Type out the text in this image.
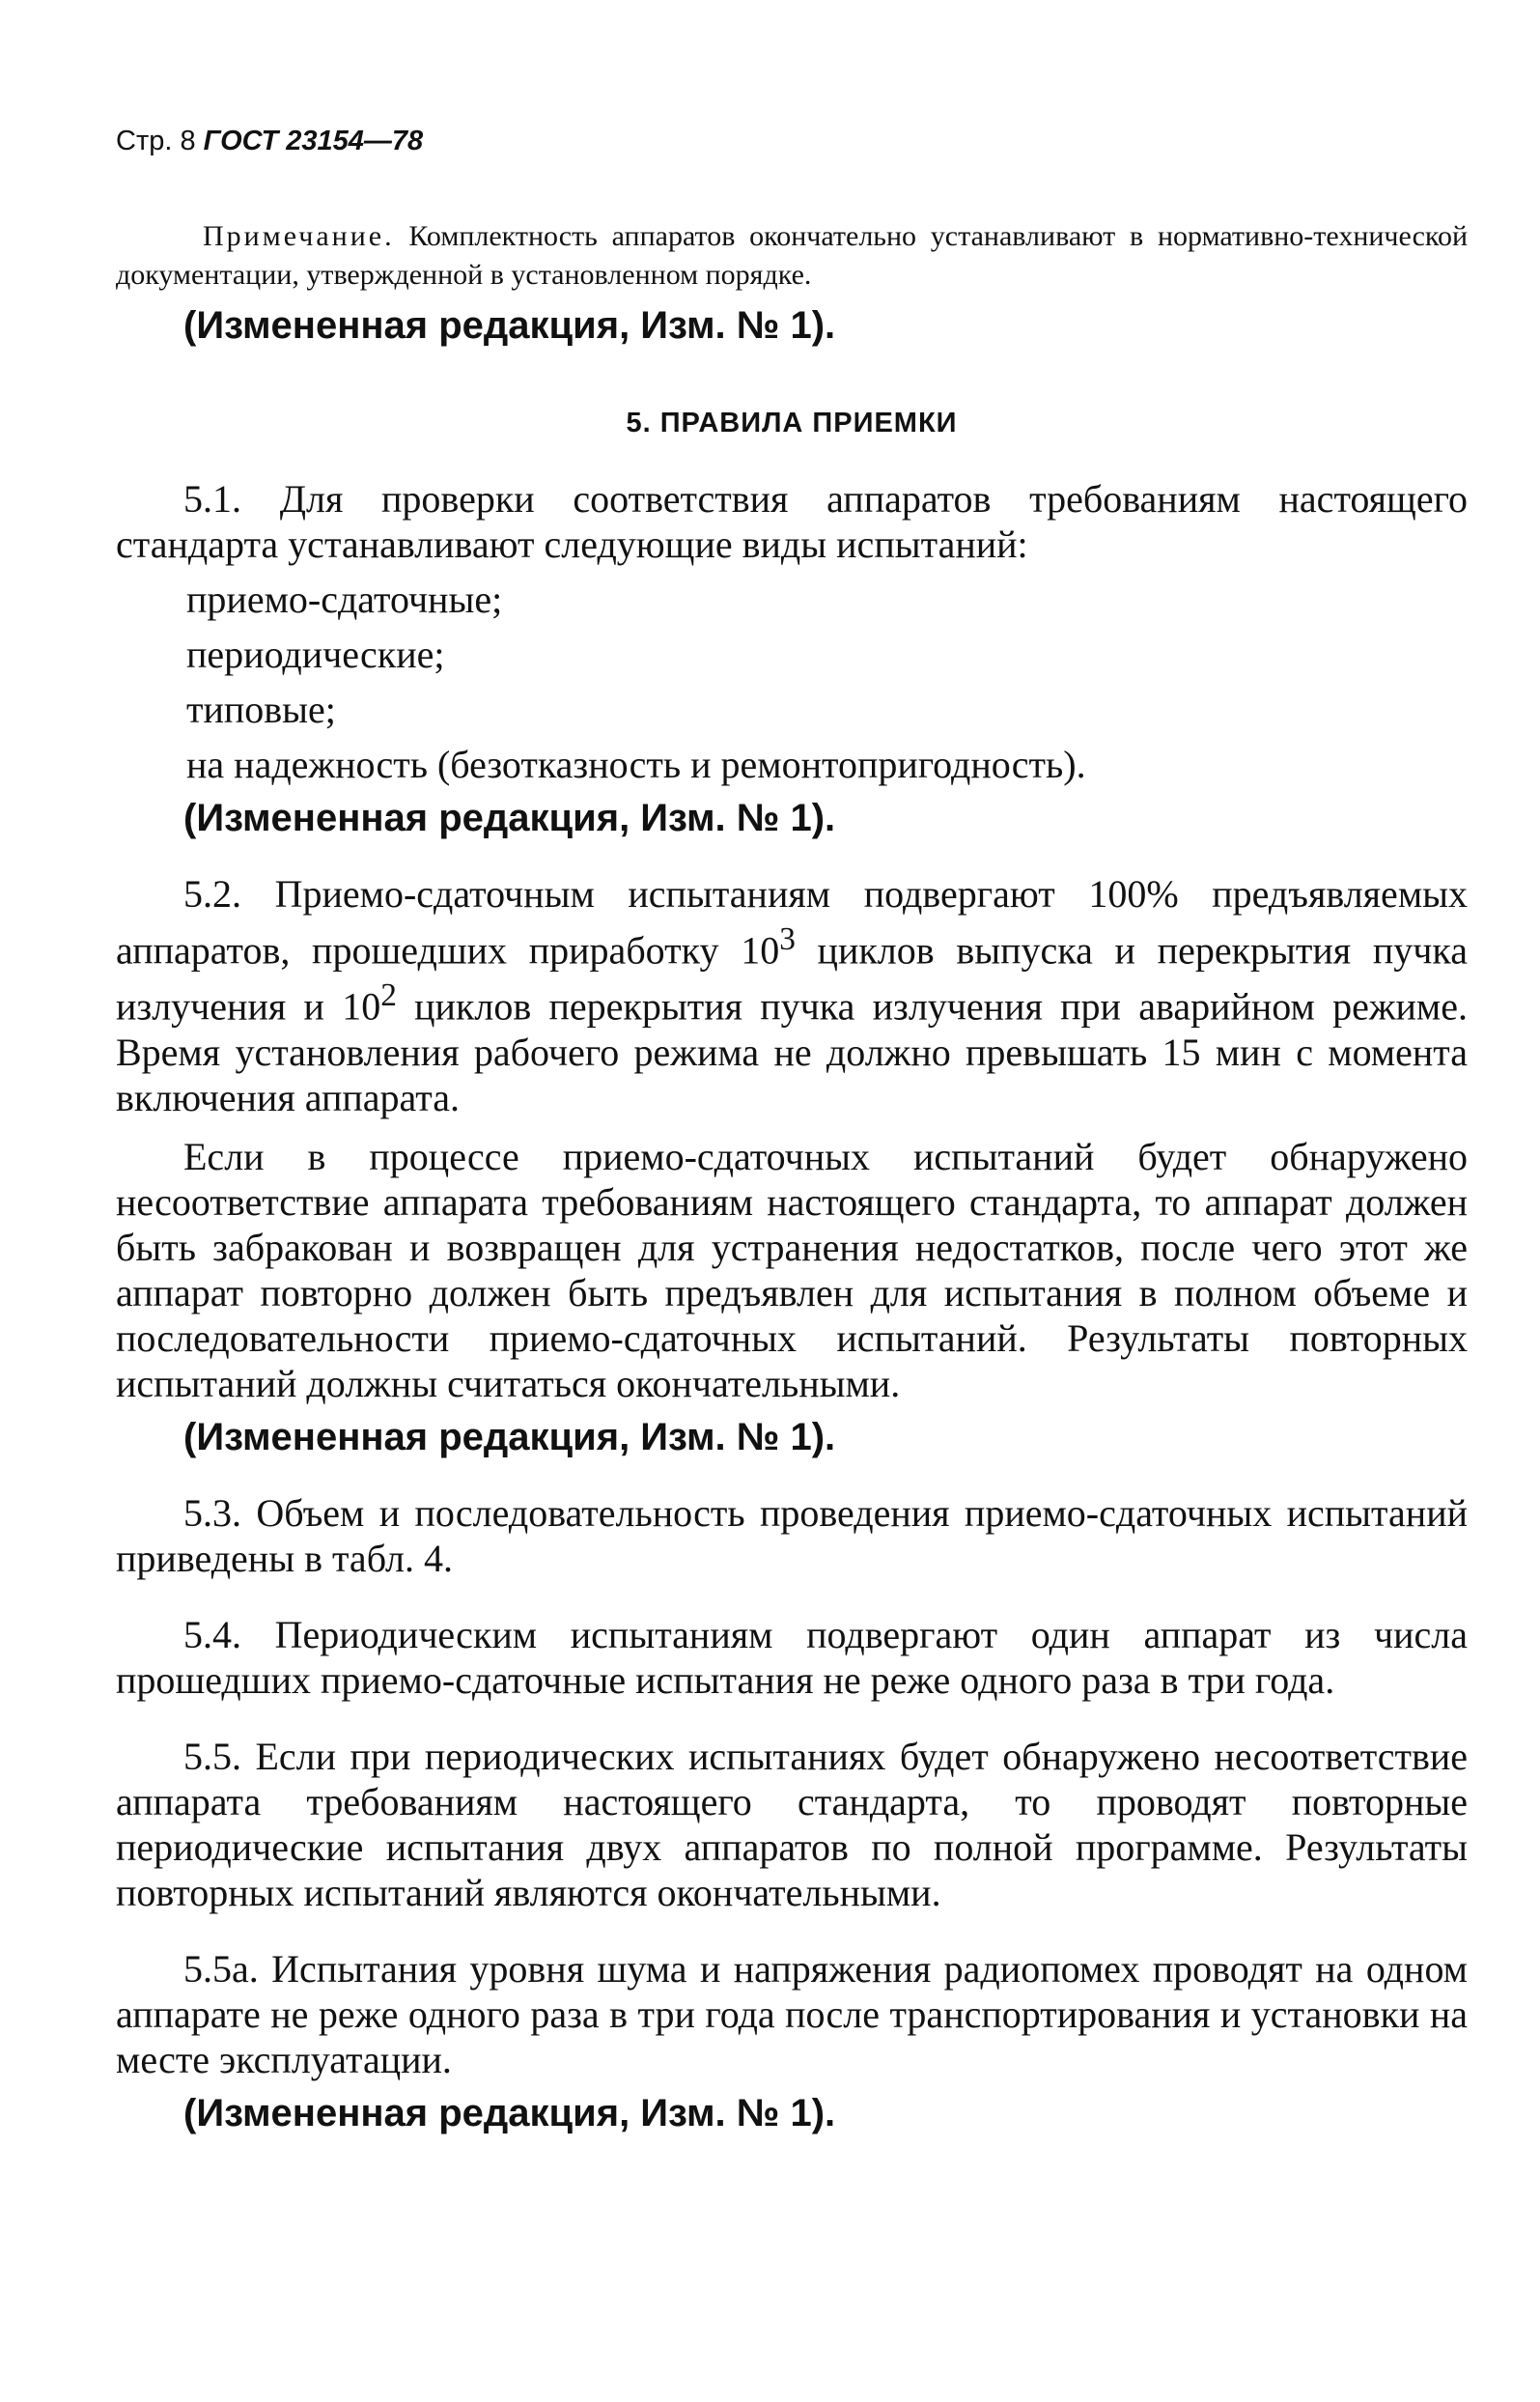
Стр. 8 ГОСТ 23154—78

Примечание. Комплектность аппаратов окончательно устанавливают в нормативно-технической документации, утвержденной в установленном порядке.

(Измененная редакция, Изм. № 1).
5. ПРАВИЛА ПРИЕМКИ

5.1. Для проверки соответствия аппаратов требованиям настоящего стандарта устанавливают следующие виды испытаний:

приемо-сдаточные;
периодические;
типовые;
на надежность (безотказность и ремонтопригодность).
(Измененная редакция, Изм. № 1).

5.2. Приемо-сдаточным испытаниям подвергают 100% предъявляемых аппаратов, прошедших приработку $10^3$ циклов выпуска и перекрытия пучка излучения и $10^2$ циклов перекрытия пучка излучения при аварийном режиме. Время установления рабочего режима не должно превышать 15 мин с момента включения аппарата.

Если в процессе приемо-сдаточных испытаний будет обнаружено несоответствие аппарата требованиям настоящего стандарта, то аппарат должен быть забракован и возвращен для устранения недостатков, после чего этот же аппарат повторно должен быть предъявлен для испытания в полном объеме и последовательности приемо-сдаточных испытаний. Результаты повторных испытаний должны считаться окончательными.

(Измененная редакция, Изм. № 1).

5.3. Объем и последовательность проведения приемо-сдаточных испытаний приведены в табл. 4.

5.4. Периодическим испытаниям подвергают один аппарат из числа прошедших приемо-сдаточные испытания не реже одного раза в три года.

5.5. Если при периодических испытаниях будет обнаружено несоответствие аппарата требованиям настоящего стандарта, то проводят повторные периодические испытания двух аппаратов по полной программе. Результаты повторных испытаний являются окончательными.

5.5а. Испытания уровня шума и напряжения радиопомех проводят на одном аппарате не реже одного раза в три года после транспортирования и установки на месте эксплуатации.

(Измененная редакция, Изм. № 1).
